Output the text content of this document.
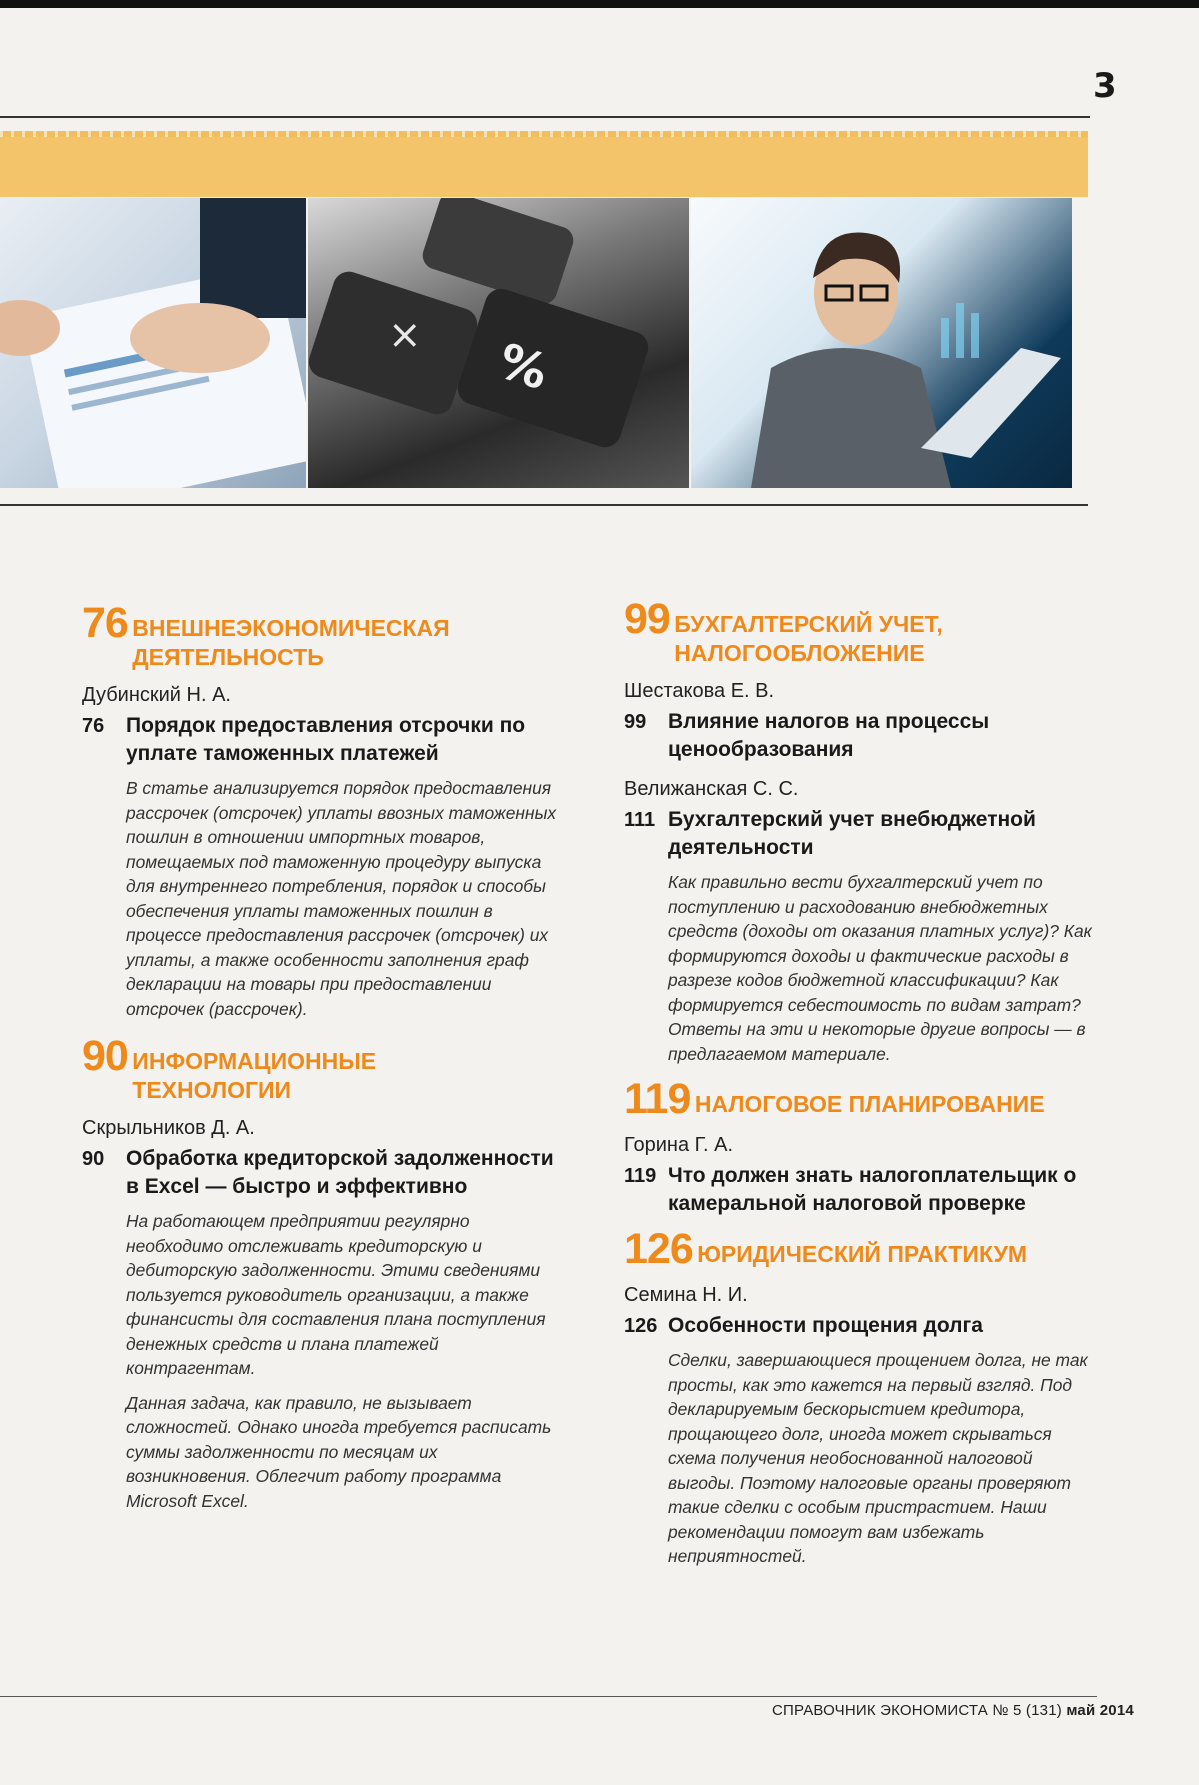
3
× %
76 ВНЕШНЕЭКОНОМИЧЕСКАЯ
ДЕЯТЕЛЬНОСТЬ
Дубинский Н. А.
76 Порядок предоставления отсрочки по уплате таможенных платежей

В статье анализируется порядок предоставления рассрочек (отсрочек) уплаты ввозных таможенных пошлин в отношении импортных товаров, помещаемых под таможенную процедуру выпуска для внутреннего потребления, порядок и способы обеспечения уплаты таможенных пошлин в процессе предоставления рассрочек (отсрочек) их уплаты, а также особенности заполнения граф декларации на товары при предоставлении отсрочек (рассрочек).

90 ИНФОРМАЦИОННЫЕ
ТЕХНОЛОГИИ
Скрыльников Д. А.
90 Обработка кредиторской задолженности в Excel — быстро и эффективно

На работающем предприятии регулярно необходимо отслеживать кредиторскую и дебиторскую задолженности. Этими сведениями пользуется руководитель организации, а также финансисты для составления плана поступления денежных средств и плана платежей контрагентам.

Данная задача, как правило, не вызывает сложностей. Однако иногда требуется расписать суммы задолженности по месяцам их возникновения. Облегчит работу программа Microsoft Excel.

99 БУХГАЛТЕРСКИЙ УЧЕТ,
НАЛОГООБЛОЖЕНИЕ
Шестакова Е. В.
99 Влияние налогов на процессы ценообразования
Велижанская С. С.
111 Бухгалтерский учет внебюджетной деятельности

Как правильно вести бухгалтерский учет по поступлению и расходованию внебюджетных средств (доходы от оказания платных услуг)? Как формируются доходы и фактические расходы в разрезе кодов бюджетной классификации? Как формируется себестоимость по видам затрат? Ответы на эти и некоторые другие вопросы — в предлагаемом материале.

119 НАЛОГОВОЕ ПЛАНИРОВАНИЕ
Горина Г. А.
119 Что должен знать налогоплательщик о камеральной налоговой проверке
126 ЮРИДИЧЕСКИЙ ПРАКТИКУМ
Семина Н. И.
126 Особенности прощения долга

Сделки, завершающиеся прощением долга, не так просты, как это кажется на первый взгляд. Под декларируемым бескорыстием кредитора, прощающего долг, иногда может скрываться схема получения необоснованной налоговой выгоды. Поэтому налоговые органы проверяют такие сделки с особым пристрастием. Наши рекомендации помогут вам избежать неприятностей.

СПРАВОЧНИК ЭКОНОМИСТА № 5 (131) май 2014
